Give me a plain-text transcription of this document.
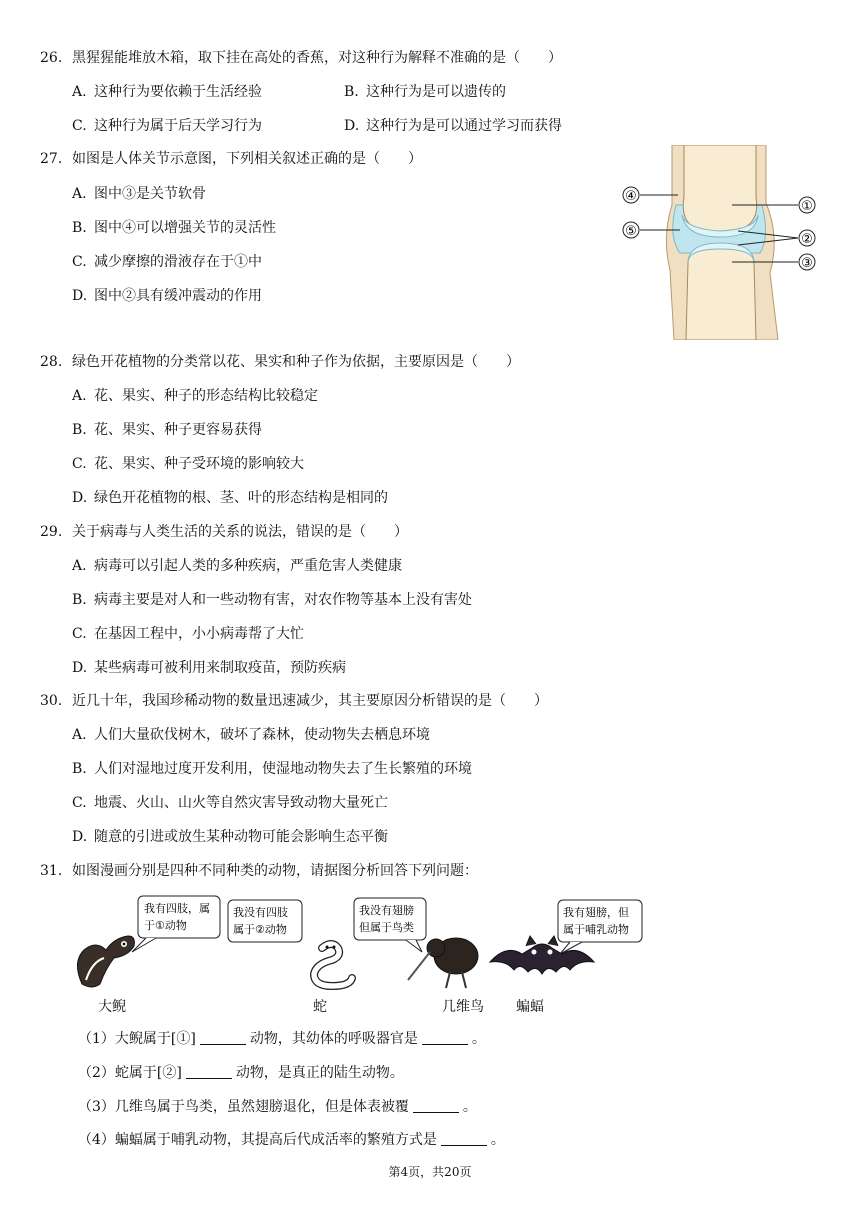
26. 黑猩猩能堆放木箱，取下挂在高处的香蕉，对这种行为解释不准确的是（　　）
A. 这种行为要依赖于生活经验	B. 这种行为是可以遗传的
C. 这种行为属于后天学习行为	D. 这种行为是可以通过学习而获得
27. 如图是人体关节示意图，下列相关叙述正确的是（　　）
A. 图中③是关节软骨
B. 图中④可以增强关节的灵活性
C. 减少摩擦的滑液存在于①中
D. 图中②具有缓冲震动的作用
④
⑤
①
②
③
28. 绿色开花植物的分类常以花、果实和种子作为依据，主要原因是（　　）
A. 花、果实、种子的形态结构比较稳定
B. 花、果实、种子更容易获得
C. 花、果实、种子受环境的影响较大
D. 绿色开花植物的根、茎、叶的形态结构是相同的
29. 关于病毒与人类生活的关系的说法，错误的是（　　）
A. 病毒可以引起人类的多种疾病，严重危害人类健康
B. 病毒主要是对人和一些动物有害，对农作物等基本上没有害处
C. 在基因工程中，小小病毒帮了大忙
D. 某些病毒可被利用来制取疫苗，预防疾病
30. 近几十年，我国珍稀动物的数量迅速减少，其主要原因分析错误的是（　　）
A. 人们大量砍伐树木，破坏了森林，使动物失去栖息环境
B. 人们对湿地过度开发利用，使湿地动物失去了生长繁殖的环境
C. 地震、火山、山火等自然灾害导致动物大量死亡
D. 随意的引进或放生某种动物可能会影响生态平衡
31. 如图漫画分别是四种不同种类的动物，请据图分析回答下列问题：
我有四肢，属
于①动物
我没有四肢
属于②动物
我没有翅膀
但属于鸟类
我有翅膀，但
属于哺乳动物
大鲵	蛇	几维鸟 蝙蝠
（1）大鲵属于[①]	动物，其幼体的呼吸器官是	。
（2）蛇属于[②]	动物，是真正的陆生动物。
（3）几维鸟属于鸟类，虽然翅膀退化，但是体表被覆	。
（4）蝙蝠属于哺乳动物，其提高后代成活率的繁殖方式是	。
第4页，共20页
